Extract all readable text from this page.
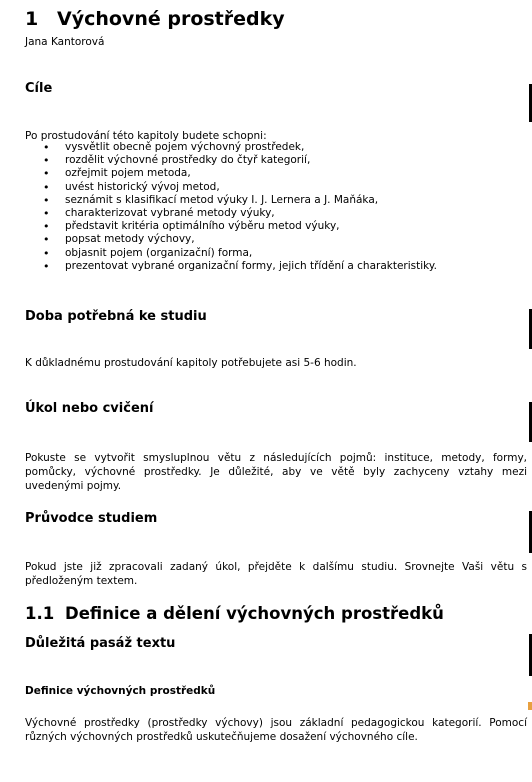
1 Výchovné prostředky
Jana Kantorová
Cíle
Po prostudování této kapitoly budete schopni:
• vysvětlit obecně pojem výchovný prostředek,
• rozdělit výchovné prostředky do čtyř kategorií,
• ozřejmit pojem metoda,
• uvést historický vývoj metod,
• seznámit s klasifikací metod výuky I. J. Lernera a J. Maňáka,
• charakterizovat vybrané metody výuky,
• představit kritéria optimálního výběru metod výuky,
• popsat metody výchovy,
• objasnit pojem (organizační) forma,
• prezentovat vybrané organizační formy, jejich třídění a charakteristiky.
Doba potřebná ke studiu
K důkladnému prostudování kapitoly potřebujete asi 5-6 hodin.
Úkol nebo cvičení
Pokuste se vytvořit smysluplnou větu z následujících pojmů: instituce, metody, formy, pomůcky, výchovné prostředky. Je důležité, aby ve větě byly zachyceny vztahy mezi uvedenými pojmy.
Průvodce studiem
Pokud jste již zpracovali zadaný úkol, přejděte k dalšímu studiu. Srovnejte Vaši větu s předloženým textem.
1.1 Definice a dělení výchovných prostředků
Důležitá pasáž textu
Definice výchovných prostředků
Výchovné prostředky (prostředky výchovy) jsou základní pedagogickou kategorií. Pomocí různých výchovných prostředků uskutečňujeme dosažení výchovného cíle.
